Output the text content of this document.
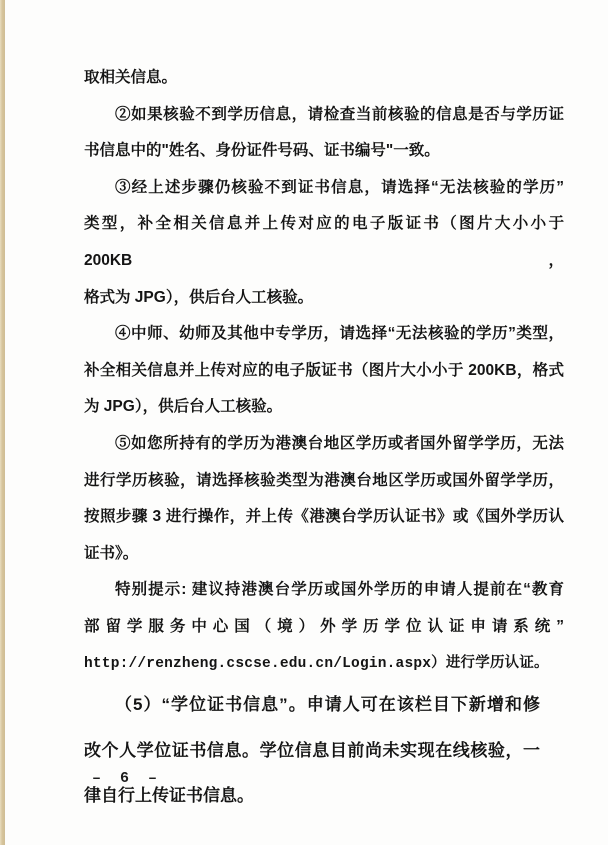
取相关信息。
②如果核验不到学历信息，请检查当前核验的信息是否与学历证
书信息中的"姓名、身份证件号码、证书编号"一致。
③经上述步骤仍核验不到证书信息，请选择“无法核验的学历”
类型，补全相关信息并上传对应的电子版证书（图片大小小于 200KB，
格式为 JPG），供后台人工核验。
④中师、幼师及其他中专学历，请选择“无法核验的学历”类型，
补全相关信息并上传对应的电子版证书（图片大小小于 200KB，格式
为 JPG），供后台人工核验。
⑤如您所持有的学历为港澳台地区学历或者国外留学学历，无法
进行学历核验，请选择核验类型为港澳台地区学历或国外留学学历，
按照步骤 3 进行操作，并上传《港澳台学历认证书》或《国外学历认
证书》。
特别提示: 建议持港澳台学历或国外学历的申请人提前在“教育
部留学服务中心国（境）外学历学位认证申请系统”
http://renzheng.cscse.edu.cn/Login.aspx）进行学历认证。
（5）“学位证书信息”。申请人可在该栏目下新增和修
改个人学位证书信息。学位信息目前尚未实现在线核验，一
律自行上传证书信息。
– 6 –
